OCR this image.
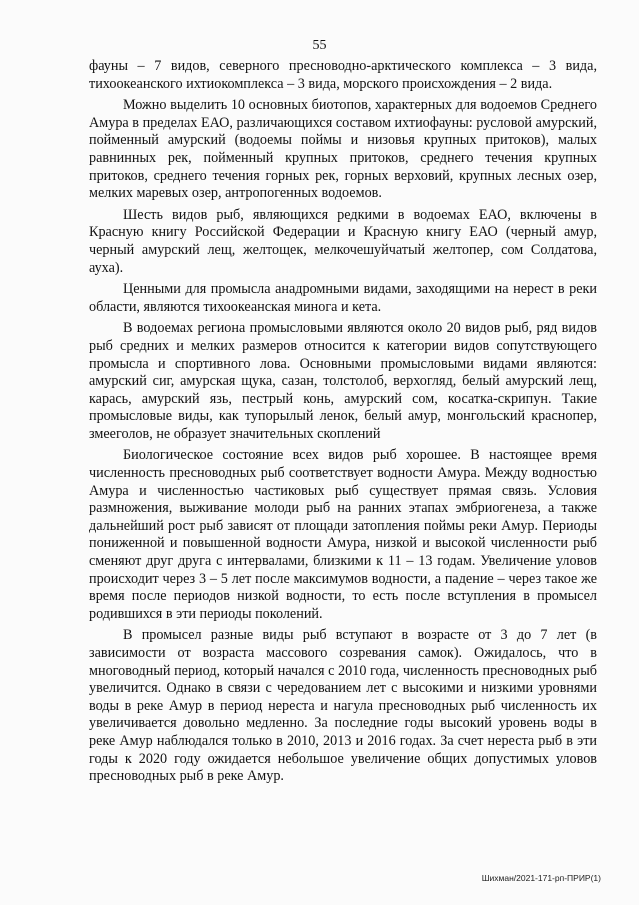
55

фауны – 7 видов, северного пресноводно-арктического комплекса – 3 вида, тихоокеанского ихтиокомплекса – 3 вида, морского происхождения – 2 вида.

Можно выделить 10 основных биотопов, характерных для водоемов Среднего Амура в пределах ЕАО, различающихся составом ихтиофауны: русловой амурский, пойменный амурский (водоемы поймы и низовья крупных притоков), малых равнинных рек, пойменный крупных притоков, среднего течения крупных притоков, среднего течения горных рек, горных верховий, крупных лесных озер, мелких маревых озер, антропогенных водоемов.

Шесть видов рыб, являющихся редкими в водоемах ЕАО, включены в Красную книгу Российской Федерации и Красную книгу ЕАО (черный амур, черный амурский лещ, желтощек, мелкочешуйчатый желтопер, сом Солдатова, ауха).

Ценными для промысла анадромными видами, заходящими на нерест в реки области, являются тихоокеанская минога и кета.

В водоемах региона промысловыми являются около 20 видов рыб, ряд видов рыб средних и мелких размеров относится к категории видов сопутствующего промысла и спортивного лова. Основными промысловыми видами являются: амурский сиг, амурская щука, сазан, толстолоб, верхогляд, белый амурский лещ, карась, амурский язь, пестрый конь, амурский сом, косатка-скрипун. Такие промысловые виды, как тупорылый ленок, белый амур, монгольский краснопер, змееголов, не образует значительных скоплений

Биологическое состояние всех видов рыб хорошее. В настоящее время численность пресноводных рыб соответствует водности Амура. Между водностью Амура и численностью частиковых рыб существует прямая связь. Условия размножения, выживание молоди рыб на ранних этапах эмбриогенеза, а также дальнейший рост рыб зависят от площади затопления поймы реки Амур. Периоды пониженной и повышенной водности Амура, низкой и высокой численности рыб сменяют друг друга с интервалами, близкими к 11 – 13 годам. Увеличение уловов происходит через 3 – 5 лет после максимумов водности, а падение – через такое же время после периодов низкой водности, то есть после вступления в промысел родившихся в эти периоды поколений.

В промысел разные виды рыб вступают в возрасте от 3 до 7 лет (в зависимости от возраста массового созревания самок). Ожидалось, что в многоводный период, который начался с 2010 года, численность пресноводных рыб увеличится. Однако в связи с чередованием лет с высокими и низкими уровнями воды в реке Амур в период нереста и нагула пресноводных рыб численность их увеличивается довольно медленно. За последние годы высокий уровень воды в реке Амур наблюдался только в 2010, 2013 и 2016 годах. За счет нереста рыб в эти годы к 2020 году ожидается небольшое увеличение общих допустимых уловов пресноводных рыб в реке Амур.

Шихман/2021-171-рп-ПРИР(1)
